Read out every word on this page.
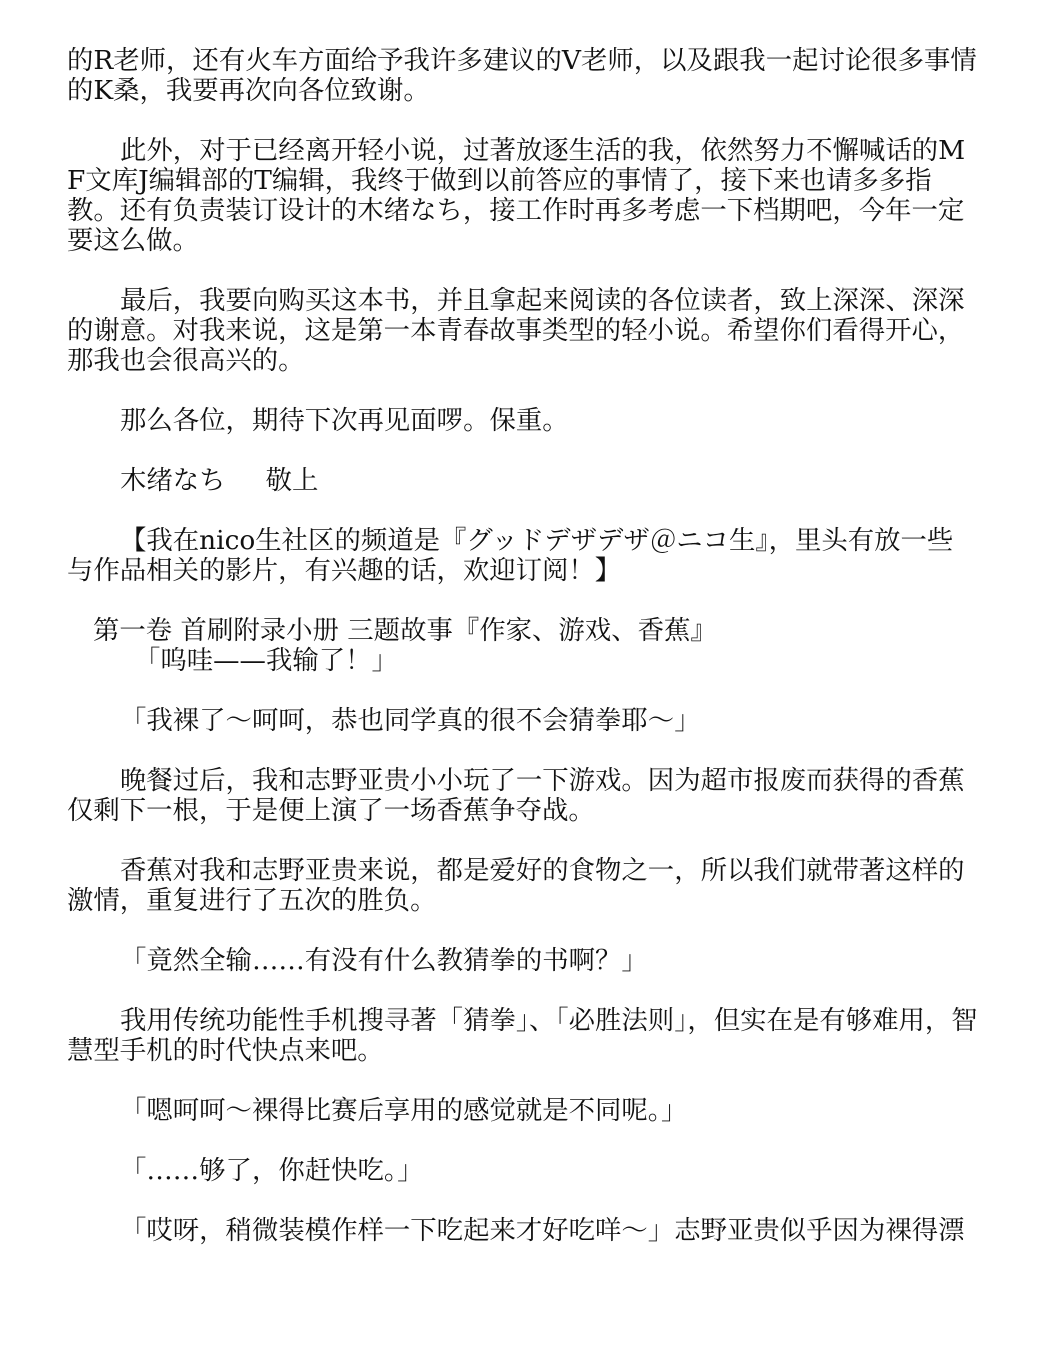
的R老师，还有火车方面给予我许多建议的V老师，以及跟我一起讨论很多事情的K桑，我要再次向各位致谢。

此外，对于已经离开轻小说，过著放逐生活的我，依然努力不懈喊话的MF文库J编辑部的T编辑，我终于做到以前答应的事情了，接下来也请多多指教。还有负责装订设计的木绪なち，接工作时再多考虑一下档期吧，今年一定要这么做。

最后，我要向购买这本书，并且拿起来阅读的各位读者，致上深深、深深的谢意。对我来说，这是第一本青春故事类型的轻小说。希望你们看得开心，那我也会很高兴的。

那么各位，期待下次再见面啰。保重。

木绪なち 敬上

【我在nico生社区的频道是『グッドデザデザ＠ニコ生』，里头有放一些与作品相关的影片，有兴趣的话，欢迎订阅！】

第一卷 首刷附录小册 三题故事『作家、游戏、香蕉』

「呜哇——我输了！」

「我裸了～呵呵，恭也同学真的很不会猜拳耶～」

晚餐过后，我和志野亚贵小小玩了一下游戏。因为超市报废而获得的香蕉仅剩下一根，于是便上演了一场香蕉争夺战。

香蕉对我和志野亚贵来说，都是爱好的食物之一，所以我们就带著这样的激情，重复进行了五次的胜负。

「竟然全输……有没有什么教猜拳的书啊？」

我用传统功能性手机搜寻著「猜拳」、「必胜法则」，但实在是有够难用，智慧型手机的时代快点来吧。

「嗯呵呵～裸得比赛后享用的感觉就是不同呢。」

「……够了，你赶快吃。」

「哎呀，稍微装模作样一下吃起来才好吃咩～」志野亚贵似乎因为裸得漂
